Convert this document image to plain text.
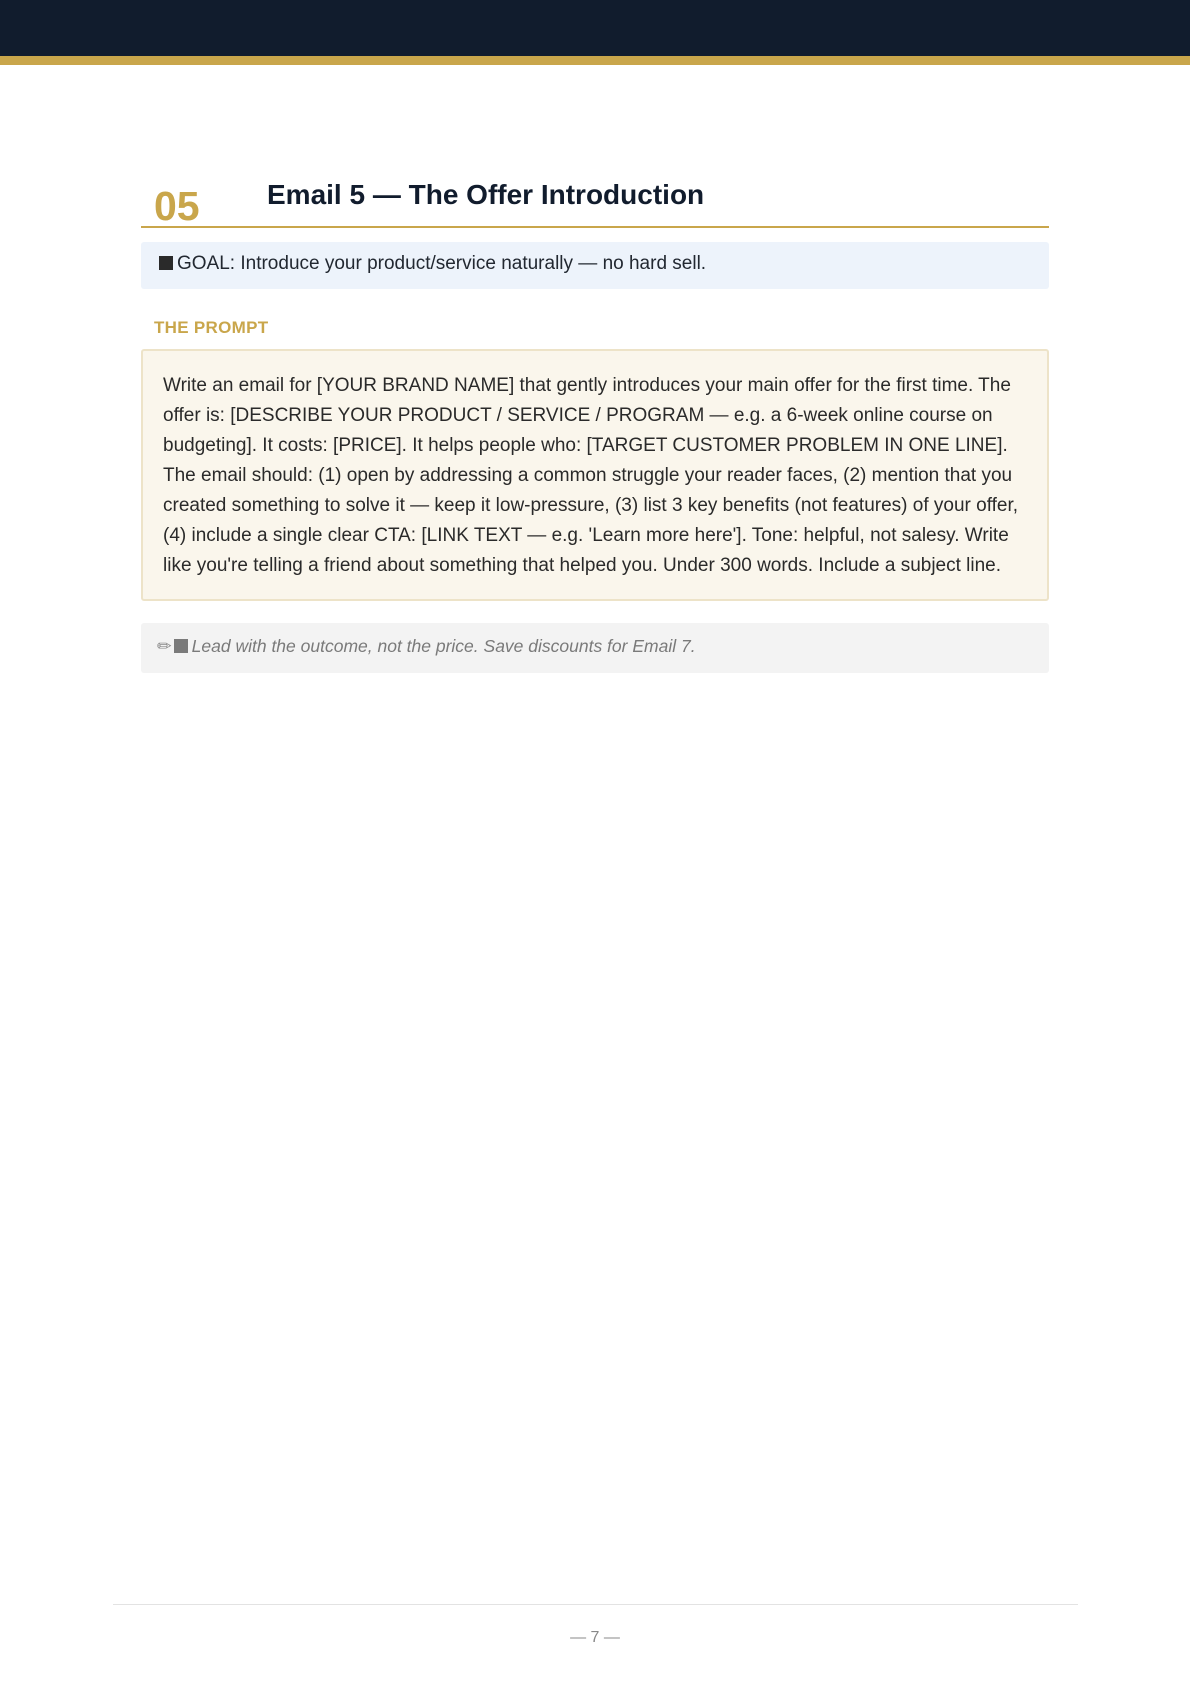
05 Email 5 — The Offer Introduction
GOAL: Introduce your product/service naturally — no hard sell.
THE PROMPT
Write an email for [YOUR BRAND NAME] that gently introduces your main offer for the first time. The offer is: [DESCRIBE YOUR PRODUCT / SERVICE / PROGRAM — e.g. a 6-week online course on budgeting]. It costs: [PRICE]. It helps people who: [TARGET CUSTOMER PROBLEM IN ONE LINE]. The email should: (1) open by addressing a common struggle your reader faces, (2) mention that you created something to solve it — keep it low-pressure, (3) list 3 key benefits (not features) of your offer, (4) include a single clear CTA: [LINK TEXT — e.g. 'Learn more here']. Tone: helpful, not salesy. Write like you're telling a friend about something that helped you. Under 300 words. Include a subject line.
✏ Lead with the outcome, not the price. Save discounts for Email 7.
— 7 —
